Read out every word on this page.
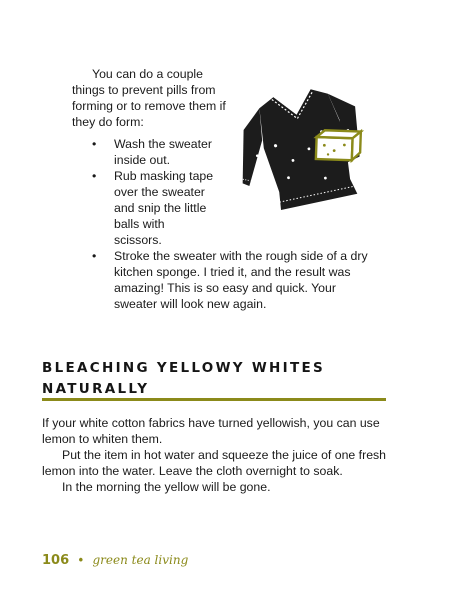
You can do a couple things to prevent pills from forming or to remove them if they do form:

• Wash the sweater inside out.
• Rub masking tape over the sweater and snip the little balls with scissors.
• Stroke the sweater with the rough side of a dry kitchen sponge. I tried it, and the result was amazing! This is so easy and quick. Your sweater will look new again.
BLEACHING YELLOWY WHITES NATURALLY

If your white cotton fabrics have turned yellowish, you can use lemon to whiten them.

Put the item in hot water and squeeze the juice of one fresh lemon into the water. Leave the cloth overnight to soak.

In the morning the yellow will be gone.

106 • green tea living
